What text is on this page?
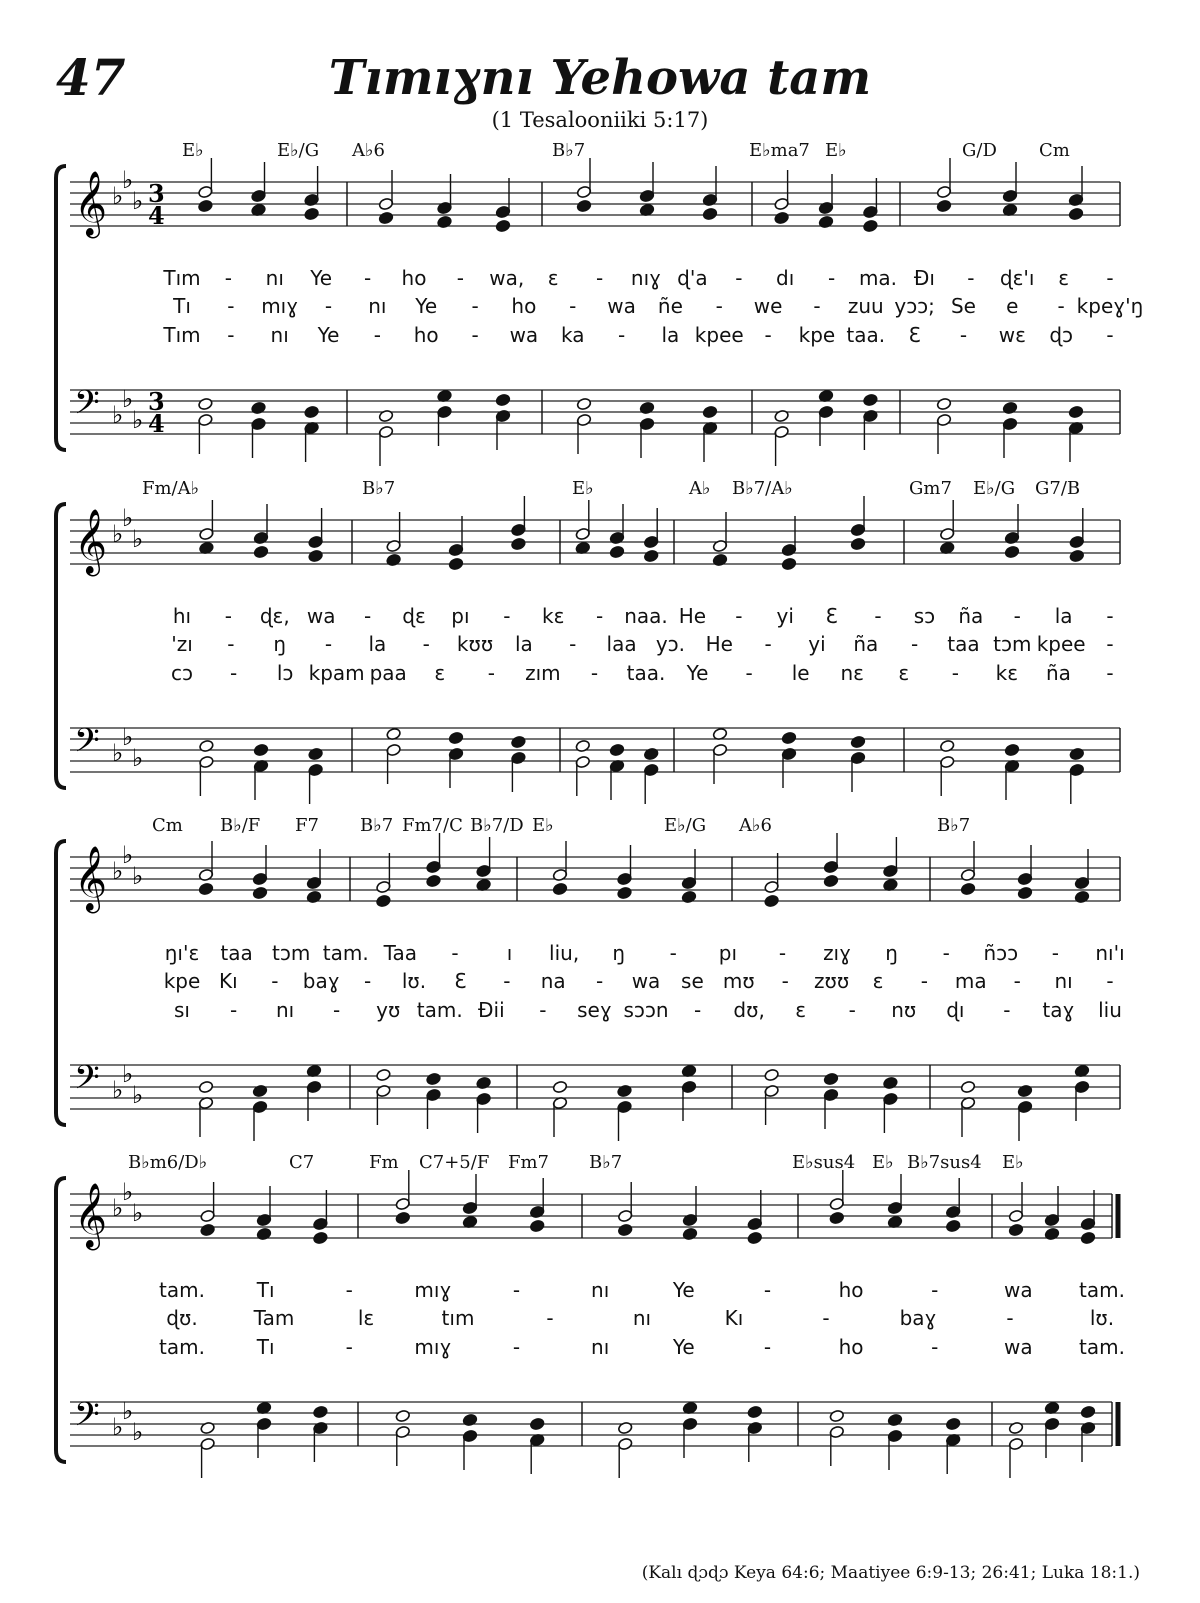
47	Tımıɣnı Yehowa tam
(1 Tesalooniiki 5:17)
𝄞
𝄢
♭
♭
♭
♭
♭
♭
3
4
3
4
E♭	E♭/G A♭6	B♭7	E♭ma7 E♭	G/D Cm
Tım - nı Ye - ho - wa, ɛ - nıɣ ɖ'a - dı - ma. Đı - ɖɛ'ı ɛ -
Tı - mıɣ - nı Ye - ho - wa ñe - we - zuu yɔɔ; Se e - kpeɣ'ŋ
Tım - nı Ye - ho - wa ka - la kpee - kpe taa. Ɛ - wɛ ɖɔ -
𝄞
𝄢
♭
♭
♭
♭
♭
♭
Fm/A♭	B♭7	E♭	A♭ B♭7/A♭	Gm7 E♭/G G7/B
hı - ɖɛ, wa - ɖɛ pı - kɛ - naa. He - yi Ɛ - sɔ ña - la -
'zı - ŋ - la - kʊʊ la - laa yɔ. He - yi ña - taa tɔm kpee -
cɔ - lɔ kpam paa ɛ - zım - taa. Ye - le nɛ ɛ - kɛ ña -
𝄞
𝄢
♭
♭
♭
♭
♭
♭
Cm B♭/F F7 B♭7 Fm7/C B♭7/D E♭	E♭/G A♭6	B♭7
ŋı'ɛ taa tɔm tam. Taa - ı liu, ŋ - pı - zıɣ ŋ - ñɔɔ - nı'ı
kpe Kı - baɣ - lʊ. Ɛ - na - wa se mʊ - zʊʊ ɛ - ma - nı -
sı - nı - yʊ tam. Đii - seɣ sɔɔn - dʊ, ɛ - nʊ ɖı - taɣ liu
𝄞
𝄢
♭
♭
♭
♭
♭
♭
B♭m6/D♭	C7	Fm C7+5/F Fm7 B♭7	E♭sus4 E♭ B♭7sus4 E♭
tam.	Tı	-	mıɣ	-	nı	Ye	-	ho	-	wa tam.
ɖʊ.	Tam	lɛ	tım	-	nı	Kı	-	baɣ	-	lʊ.
tam.	Tı	-	mıɣ	-	nı	Ye	-	ho	-	wa tam.
(Kalı ɖɔɖɔ Keya 64:6; Maatiyee 6:9-13; 26:41; Luka 18:1.)
